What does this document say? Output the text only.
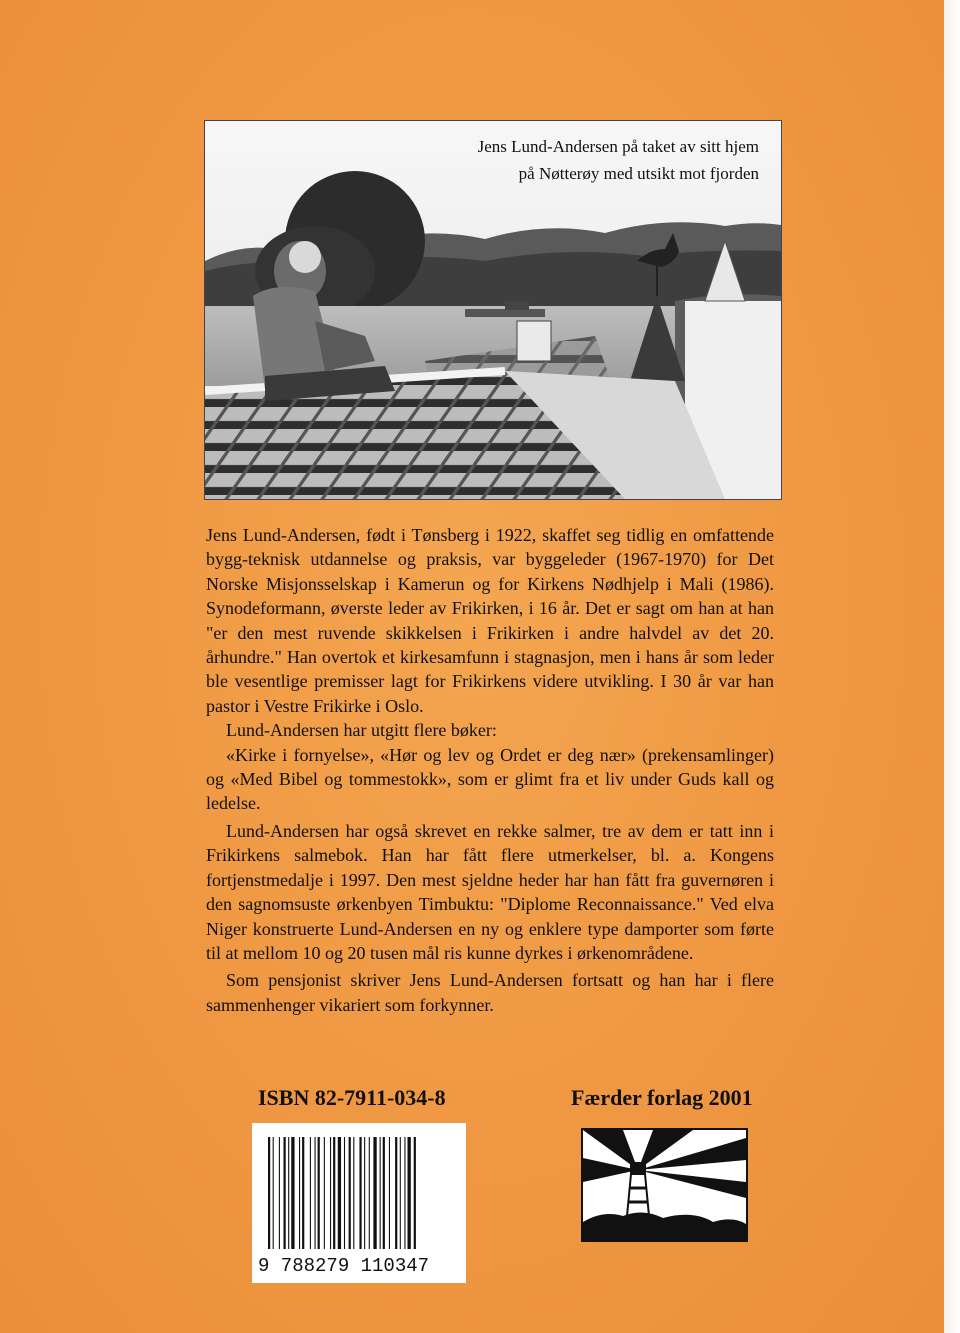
Jens Lund-Andersen på taket av sitt hjem
på Nøtterøy med utsikt mot fjorden

Jens Lund-Andersen, født i Tønsberg i 1922, skaffet seg tidlig en omfattende bygg-teknisk utdannelse og praksis, var byggeleder (1967-1970) for Det Norske Misjonsselskap i Kamerun og for Kirkens Nødhjelp i Mali (1986). Synodeformann, øverste leder av Frikirken, i 16 år. Det er sagt om han at han "er den mest ruvende skikkelsen i Frikirken i andre halvdel av det 20. århundre." Han overtok et kirkesamfunn i stagnasjon, men i hans år som leder ble vesentlige premisser lagt for Frikirkens videre utvikling. I 30 år var han pastor i Vestre Frikirke i Oslo.

Lund-Andersen har utgitt flere bøker:

«Kirke i fornyelse», «Hør og lev og Ordet er deg nær» (prekensamlinger) og «Med Bibel og tommestokk», som er glimt fra et liv under Guds kall og ledelse.

Lund-Andersen har også skrevet en rekke salmer, tre av dem er tatt inn i Frikirkens salmebok. Han har fått flere utmerkelser, bl. a. Kongens fortjenstmedalje i 1997. Den mest sjeldne heder har han fått fra guvernøren i den sagnomsuste ørkenbyen Timbuktu: "Diplome Reconnaissance." Ved elva Niger konstruerte Lund-Andersen en ny og enklere type damporter som førte til at mellom 10 og 20 tusen mål ris kunne dyrkes i ørkenområdene.

Som pensjonist skriver Jens Lund-Andersen fortsatt og han har i flere sammenhenger vikariert som forkynner.

ISBN 82-7911-034-8	Færder forlag 2001
9 788279 110347
